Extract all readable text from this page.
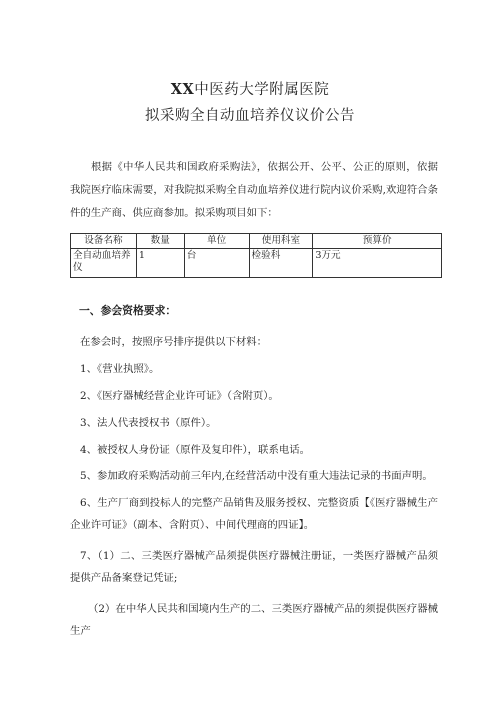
XX中医药大学附属医院
拟采购全自动血培养仪议价公告
根据《中华人民共和国政府采购法》，依据公开、公平、公正的原则，依据我院医疗临床需要，对我院拟采购全自动血培养仪进行院内议价采购,欢迎符合条件的生产商、供应商参加。拟采购项目如下：
设备名称	数量	单位	使用科室	预算价
全自动血培养仪	1	台	检验科	3万元
一、参会资格要求：
在参会时，按照序号排序提供以下材料：
1、《营业执照》。
2、《医疗器械经营企业许可证》（含附页）。
3、法人代表授权书（原件）。
4、被授权人身份证（原件及复印件），联系电话。
5、参加政府采购活动前三年内,在经营活动中没有重大违法记录的书面声明。
6、生产厂商到投标人的完整产品销售及服务授权、完整资质【《医疗器械生产企业许可证》（副本、含附页）、中间代理商的四证】。
7、（1）二、三类医疗器械产品须提供医疗器械注册证，一类医疗器械产品须提供产品备案登记凭证;
（2）在中华人民共和国境内生产的二、三类医疗器械产品的须提供医疗器械生产
